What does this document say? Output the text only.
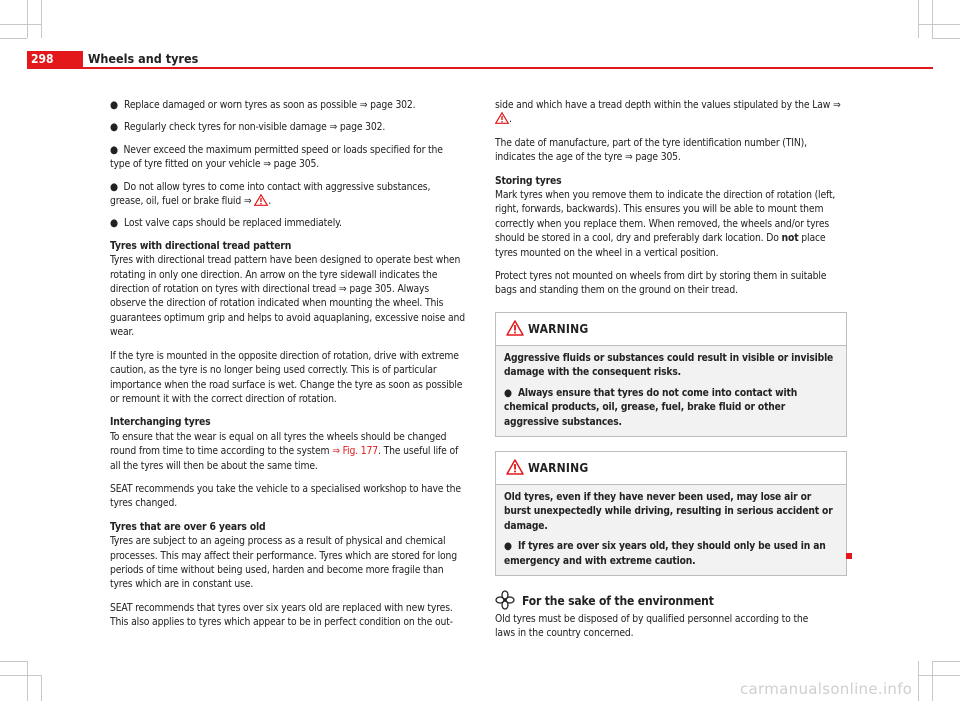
298	Wheels and tyres
● Replace damaged or worn tyres as soon as possible ⇒ page 302.
● Regularly check tyres for non-visible damage ⇒ page 302.
● Never exceed the maximum permitted speed or loads specified for the type of tyre fitted on your vehicle ⇒ page 305.
● Do not allow tyres to come into contact with aggressive substances, grease, oil, fuel or brake fluid ⇒ .
● Lost valve caps should be replaced immediately.

Tyres with directional tread pattern

Tyres with directional tread pattern have been designed to operate best when rotating in only one direction. An arrow on the tyre sidewall indicates the direction of rotation on tyres with directional tread ⇒ page 305. Always observe the direction of rotation indicated when mounting the wheel. This guarantees optimum grip and helps to avoid aquaplaning, excessive noise and wear.

If the tyre is mounted in the opposite direction of rotation, drive with extreme caution, as the tyre is no longer being used correctly. This is of particular importance when the road surface is wet. Change the tyre as soon as possible or remount it with the correct direction of rotation.

Interchanging tyres

To ensure that the wear is equal on all tyres the wheels should be changed round from time to time according to the system ⇒ Fig. 177. The useful life of all the tyres will then be about the same time.

SEAT recommends you take the vehicle to a specialised workshop to have the tyres changed.

Tyres that are over 6 years old

Tyres are subject to an ageing process as a result of physical and chemical processes. This may affect their performance. Tyres which are stored for long periods of time without being used, harden and become more fragile than tyres which are in constant use.

SEAT recommends that tyres over six years old are replaced with new tyres. This also applies to tyres which appear to be in perfect condition on the out-

side and which have a tread depth within the values stipulated by the Law ⇒ .

The date of manufacture, part of the tyre identification number (TIN), indicates the age of the tyre ⇒ page 305.

Storing tyres

Mark tyres when you remove them to indicate the direction of rotation (left, right, forwards, backwards). This ensures you will be able to mount them correctly when you replace them. When removed, the wheels and/or tyres should be stored in a cool, dry and preferably dark location. Do not place tyres mounted on the wheel in a vertical position.

Protect tyres not mounted on wheels from dirt by storing them in suitable bags and standing them on the ground on their tread.

WARNING

Aggressive fluids or substances could result in visible or invisible damage with the consequent risks.

● Always ensure that tyres do not come into contact with chemical products, oil, grease, fuel, brake fluid or other aggressive substances.
WARNING

Old tyres, even if they have never been used, may lose air or burst unexpectedly while driving, resulting in serious accident or damage.

● If tyres are over six years old, they should only be used in an emergency and with extreme caution.
For the sake of the environment

Old tyres must be disposed of by qualified personnel according to the laws in the country concerned.

carmanualsonline.info
